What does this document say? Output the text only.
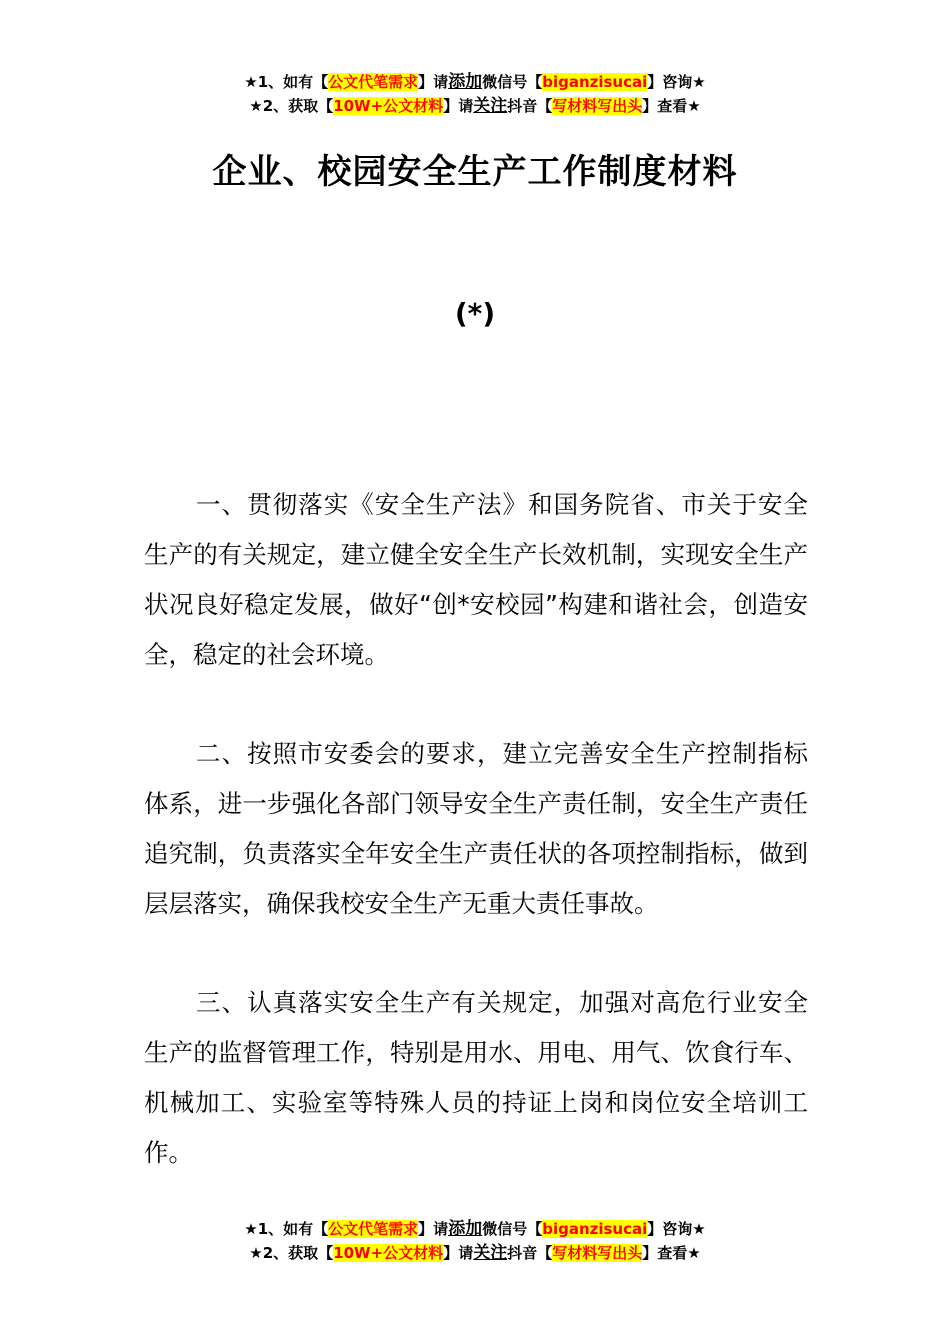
★1、如有【公文代笔需求】请添加微信号【biganzisucai】咨询★
★2、获取【10W+公文材料】请关注抖音【写材料写出头】查看★
企业、校园安全生产工作制度材料
(*)

一、贯彻落实《安全生产法》和国务院省、市关于安全生产的有关规定，建立健全安全生产长效机制，实现安全生产状况良好稳定发展，做好“创*安校园”构建和谐社会，创造安全，稳定的社会环境。

二、按照市安委会的要求，建立完善安全生产控制指标体系，进一步强化各部门领导安全生产责任制，安全生产责任追究制，负责落实全年安全生产责任状的各项控制指标，做到层层落实，确保我校安全生产无重大责任事故。

三、认真落实安全生产有关规定，加强对高危行业安全生产的监督管理工作，特别是用水、用电、用气、饮食行车、机械加工、实验室等特殊人员的持证上岗和岗位安全培训工作。

★1、如有【公文代笔需求】请添加微信号【biganzisucai】咨询★
★2、获取【10W+公文材料】请关注抖音【写材料写出头】查看★
